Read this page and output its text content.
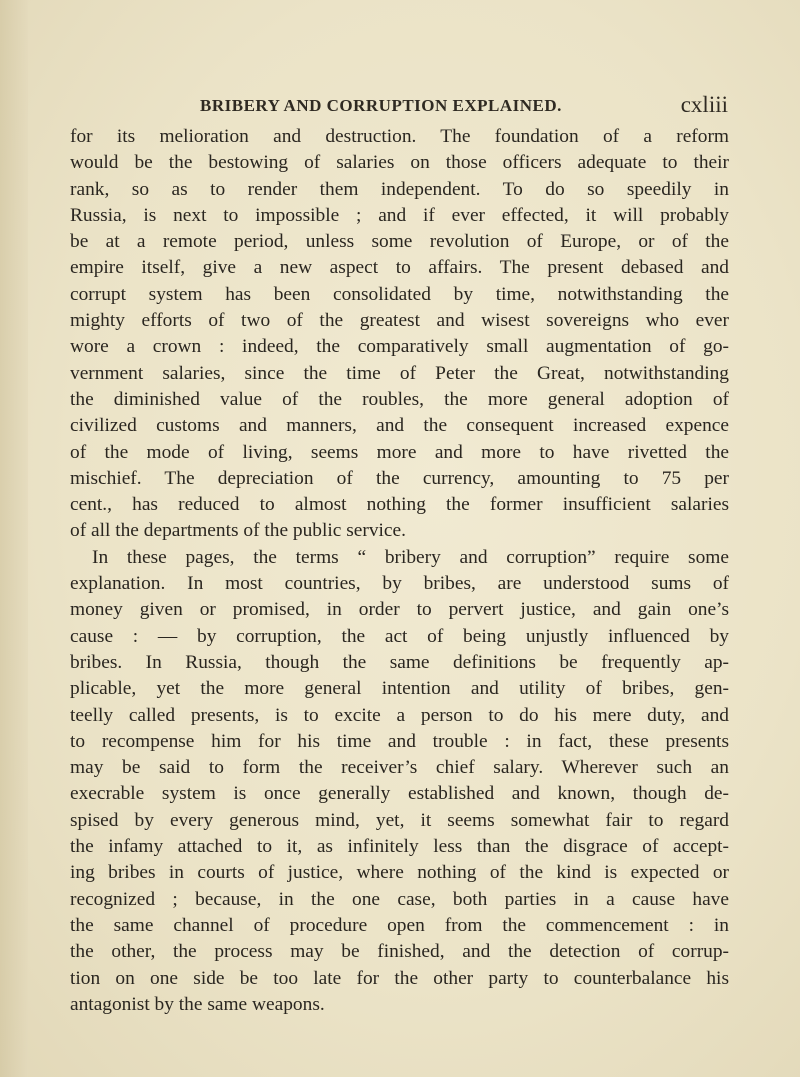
BRIBERY AND CORRUPTION EXPLAINED.	cxliii
for its melioration and destruction. The foundation of a reform
would be the bestowing of salaries on those officers adequate to their
rank, so as to render them independent. To do so speedily in
Russia, is next to impossible ; and if ever effected, it will probably
be at a remote period, unless some revolution of Europe, or of the
empire itself, give a new aspect to affairs. The present debased and
corrupt system has been consolidated by time, notwithstanding the
mighty efforts of two of the greatest and wisest sovereigns who ever
wore a crown : indeed, the comparatively small augmentation of go-
vernment salaries, since the time of Peter the Great, notwithstanding
the diminished value of the roubles, the more general adoption of
civilized customs and manners, and the consequent increased expence
of the mode of living, seems more and more to have rivetted the
mischief. The depreciation of the currency, amounting to 75 per
cent., has reduced to almost nothing the former insufficient salaries
of all the departments of the public service.
In these pages, the terms “ bribery and corruption” require some
explanation. In most countries, by bribes, are understood sums of
money given or promised, in order to pervert justice, and gain one’s
cause : — by corruption, the act of being unjustly influenced by
bribes. In Russia, though the same definitions be frequently ap-
plicable, yet the more general intention and utility of bribes, gen-
teelly called presents, is to excite a person to do his mere duty, and
to recompense him for his time and trouble : in fact, these presents
may be said to form the receiver’s chief salary. Wherever such an
execrable system is once generally established and known, though de-
spised by every generous mind, yet, it seems somewhat fair to regard
the infamy attached to it, as infinitely less than the disgrace of accept-
ing bribes in courts of justice, where nothing of the kind is expected or
recognized ; because, in the one case, both parties in a cause have
the same channel of procedure open from the commencement : in
the other, the process may be finished, and the detection of corrup-
tion on one side be too late for the other party to counterbalance his
antagonist by the same weapons.
